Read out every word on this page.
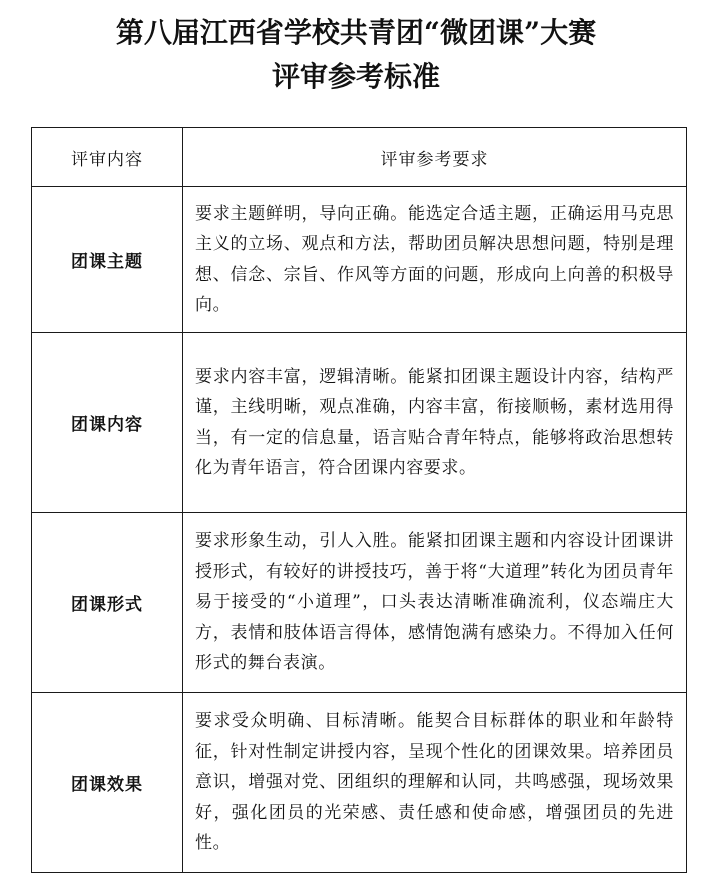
第八届江西省学校共青团“微团课”大赛
评审参考标准
评审内容	评审参考要求
团课主题	要求主题鲜明，导向正确。能选定合适主题，正确运用马克思主义的立场、观点和方法，帮助团员解决思想问题，特别是理想、信念、宗旨、作风等方面的问题，形成向上向善的积极导向。
团课内容	要求内容丰富，逻辑清晰。能紧扣团课主题设计内容，结构严谨，主线明晰，观点准确，内容丰富，衔接顺畅，素材选用得当，有一定的信息量，语言贴合青年特点，能够将政治思想转化为青年语言，符合团课内容要求。
团课形式	要求形象生动，引人入胜。能紧扣团课主题和内容设计团课讲授形式，有较好的讲授技巧，善于将“大道理”转化为团员青年易于接受的“小道理”，口头表达清晰准确流利，仪态端庄大方，表情和肢体语言得体，感情饱满有感染力。不得加入任何形式的舞台表演。
团课效果	要求受众明确、目标清晰。能契合目标群体的职业和年龄特征，针对性制定讲授内容，呈现个性化的团课效果。培养团员意识，增强对党、团组织的理解和认同，共鸣感强，现场效果好，强化团员的光荣感、责任感和使命感，增强团员的先进性。
